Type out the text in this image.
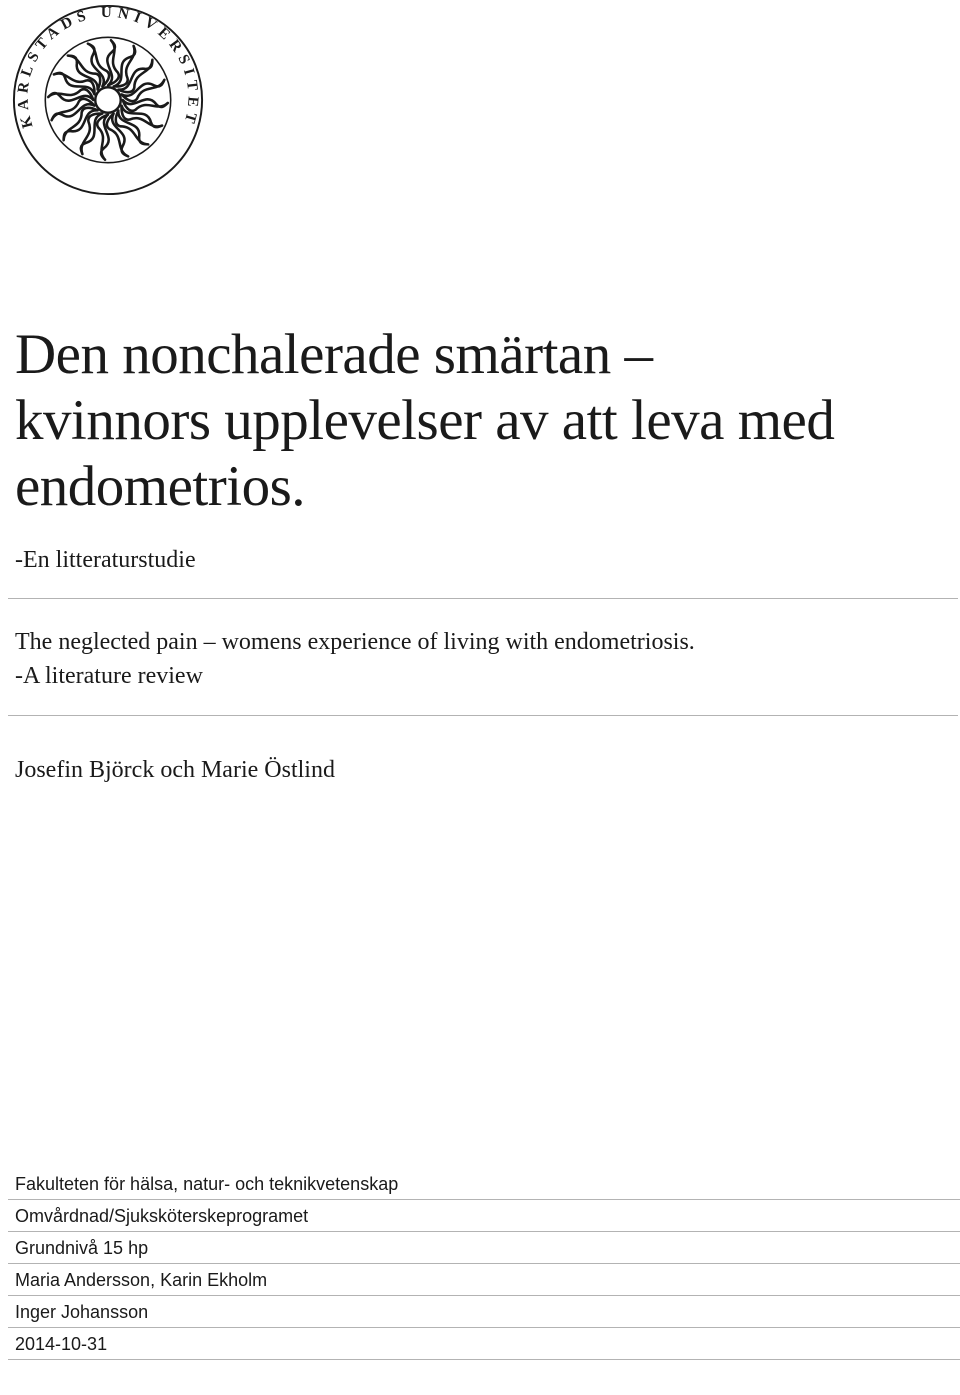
KARLSTADS UNIVERSITET
Den nonchalerade smärtan –
kvinnors upplevelser av att leva med
endometrios.
-En litteraturstudie
The neglected pain – womens experience of living with endometriosis.
-A literature review
Josefin Björck och Marie Östlind
Fakulteten för hälsa, natur- och teknikvetenskap
Omvårdnad/Sjuksköterskeprogramet
Grundnivå 15 hp
Maria Andersson, Karin Ekholm
Inger Johansson
2014-10-31
